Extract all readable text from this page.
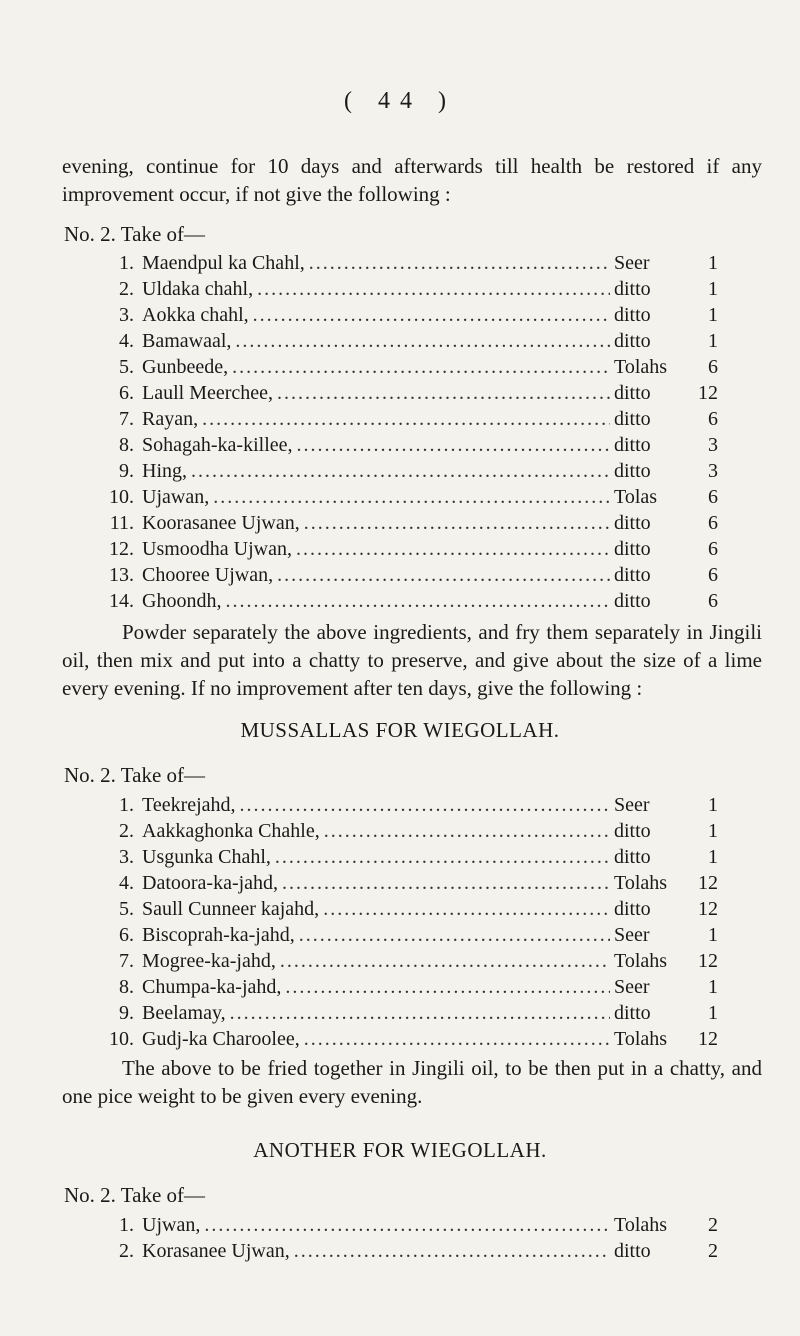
( 44 )
evening, continue for 10 days and afterwards till health be restored if any improvement occur, if not give the following :
No. 2. Take of—
1. Maendpul ka Chahl, .....	Seer	1
2. Uldaka chahl, .....	ditto	1
3. Aokka chahl, .....	ditto	1
4. Bamawaal, .....	ditto	1
5. Gunbeede, .....	Tolahs	6
6. Laull Meerchee, .....	ditto	12
7. Rayan, .....	ditto	6
8. Sohagah-ka-killee, .....	ditto	3
9. Hing, .....	ditto	3
10. Ujawan, .....	Tolas	6
11. Koorasanee Ujwan, .....	ditto	6
12. Usmoodha Ujwan, .....	ditto	6
13. Chooree Ujwan, .....	ditto	6
14. Ghoondh, .....	ditto	6
Powder separately the above ingredients, and fry them separately in Jingili oil, then mix and put into a chatty to preserve, and give about the size of a lime every evening. If no improvement after ten days, give the following :
MUSSALLAS FOR WIEGOLLAH.
No. 2. Take of—
1. Teekrejahd, .....	Seer	1
2. Aakkaghonka Chahle, .....	ditto	1
3. Usgunka Chahl, .....	ditto	1
4. Datoora-ka-jahd, .....	Tolahs	12
5. Saull Cunneer kajahd, .....	ditto	12
6. Biscoprah-ka-jahd, .....	Seer	1
7. Mogree-ka-jahd, .....	Tolahs	12
8. Chumpa-ka-jahd, .....	Seer	1
9. Beelamay, .....	ditto	1
10. Gudj-ka Charoolee, .....	Tolahs	12
The above to be fried together in Jingili oil, to be then put in a chatty, and one pice weight to be given every evening.
ANOTHER FOR WIEGOLLAH.
No. 2. Take of—
1. Ujwan, .....	Tolahs	2
2. Korasanee Ujwan, .....	ditto	2
